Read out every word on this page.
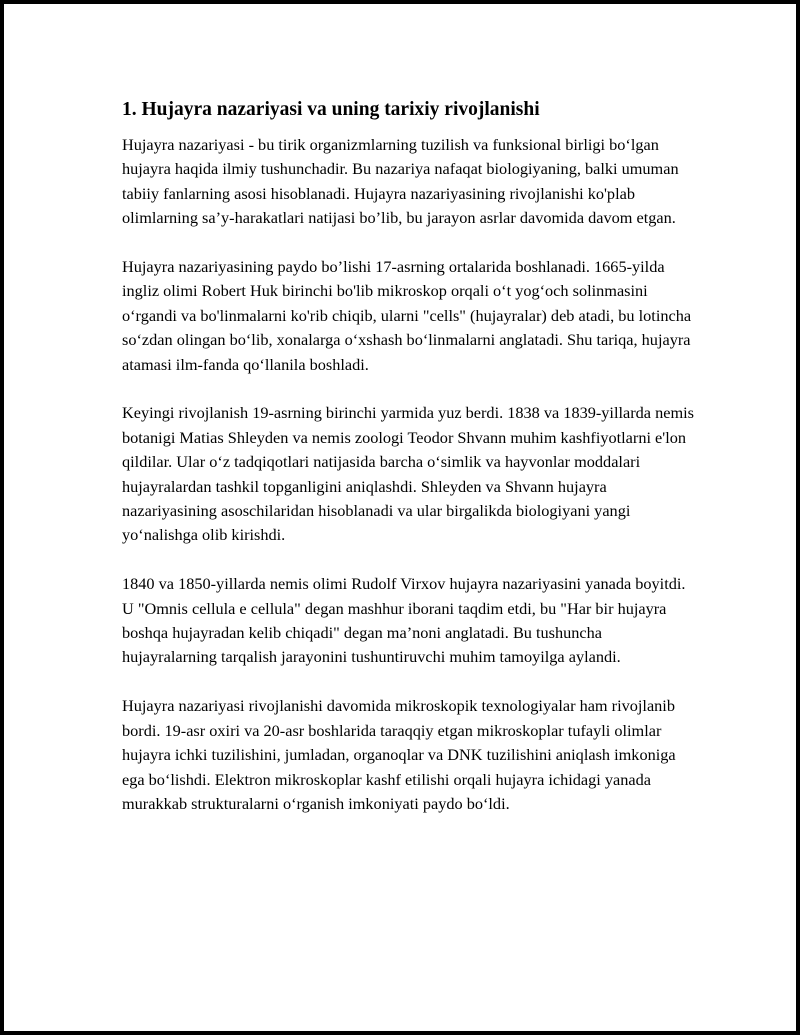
1. Hujayra nazariyasi va uning tarixiy rivojlanishi

Hujayra nazariyasi - bu tirik organizmlarning tuzilish va funksional birligi bo‘lgan hujayra haqida ilmiy tushunchadir. Bu nazariya nafaqat biologiyaning, balki umuman tabiiy fanlarning asosi hisoblanadi. Hujayra nazariyasining rivojlanishi ko'plab olimlarning sa’y-harakatlari natijasi bo’lib, bu jarayon asrlar davomida davom etgan.

Hujayra nazariyasining paydo bo’lishi 17-asrning ortalarida boshlanadi. 1665-yilda ingliz olimi Robert Huk birinchi bo'lib mikroskop orqali o‘t yog‘och solinmasini o‘rgandi va bo'linmalarni ko'rib chiqib, ularni "cells" (hujayralar) deb atadi, bu lotincha so‘zdan olingan bo‘lib, xonalarga o‘xshash bo‘linmalarni anglatadi. Shu tariqa, hujayra atamasi ilm-fanda qo‘llanila boshladi.

Keyingi rivojlanish 19-asrning birinchi yarmida yuz berdi. 1838 va 1839-yillarda nemis botanigi Matias Shleyden va nemis zoologi Teodor Shvann muhim kashfiyotlarni e'lon qildilar. Ular o‘z tadqiqotlari natijasida barcha o‘simlik va hayvonlar moddalari hujayralardan tashkil topganligini aniqlashdi. Shleyden va Shvann hujayra nazariyasining asoschilaridan hisoblanadi va ular birgalikda biologiyani yangi yo‘nalishga olib kirishdi.

1840 va 1850-yillarda nemis olimi Rudolf Virxov hujayra nazariyasini yanada boyitdi. U "Omnis cellula e cellula" degan mashhur iborani taqdim etdi, bu "Har bir hujayra boshqa hujayradan kelib chiqadi" degan ma’noni anglatadi. Bu tushuncha hujayralarning tarqalish jarayonini tushuntiruvchi muhim tamoyilga aylandi.

Hujayra nazariyasi rivojlanishi davomida mikroskopik texnologiyalar ham rivojlanib bordi. 19-asr oxiri va 20-asr boshlarida taraqqiy etgan mikroskoplar tufayli olimlar hujayra ichki tuzilishini, jumladan, organoqlar va DNK tuzilishini aniqlash imkoniga ega bo‘lishdi. Elektron mikroskoplar kashf etilishi orqali hujayra ichidagi yanada murakkab strukturalarni o‘rganish imkoniyati paydo bo‘ldi.
